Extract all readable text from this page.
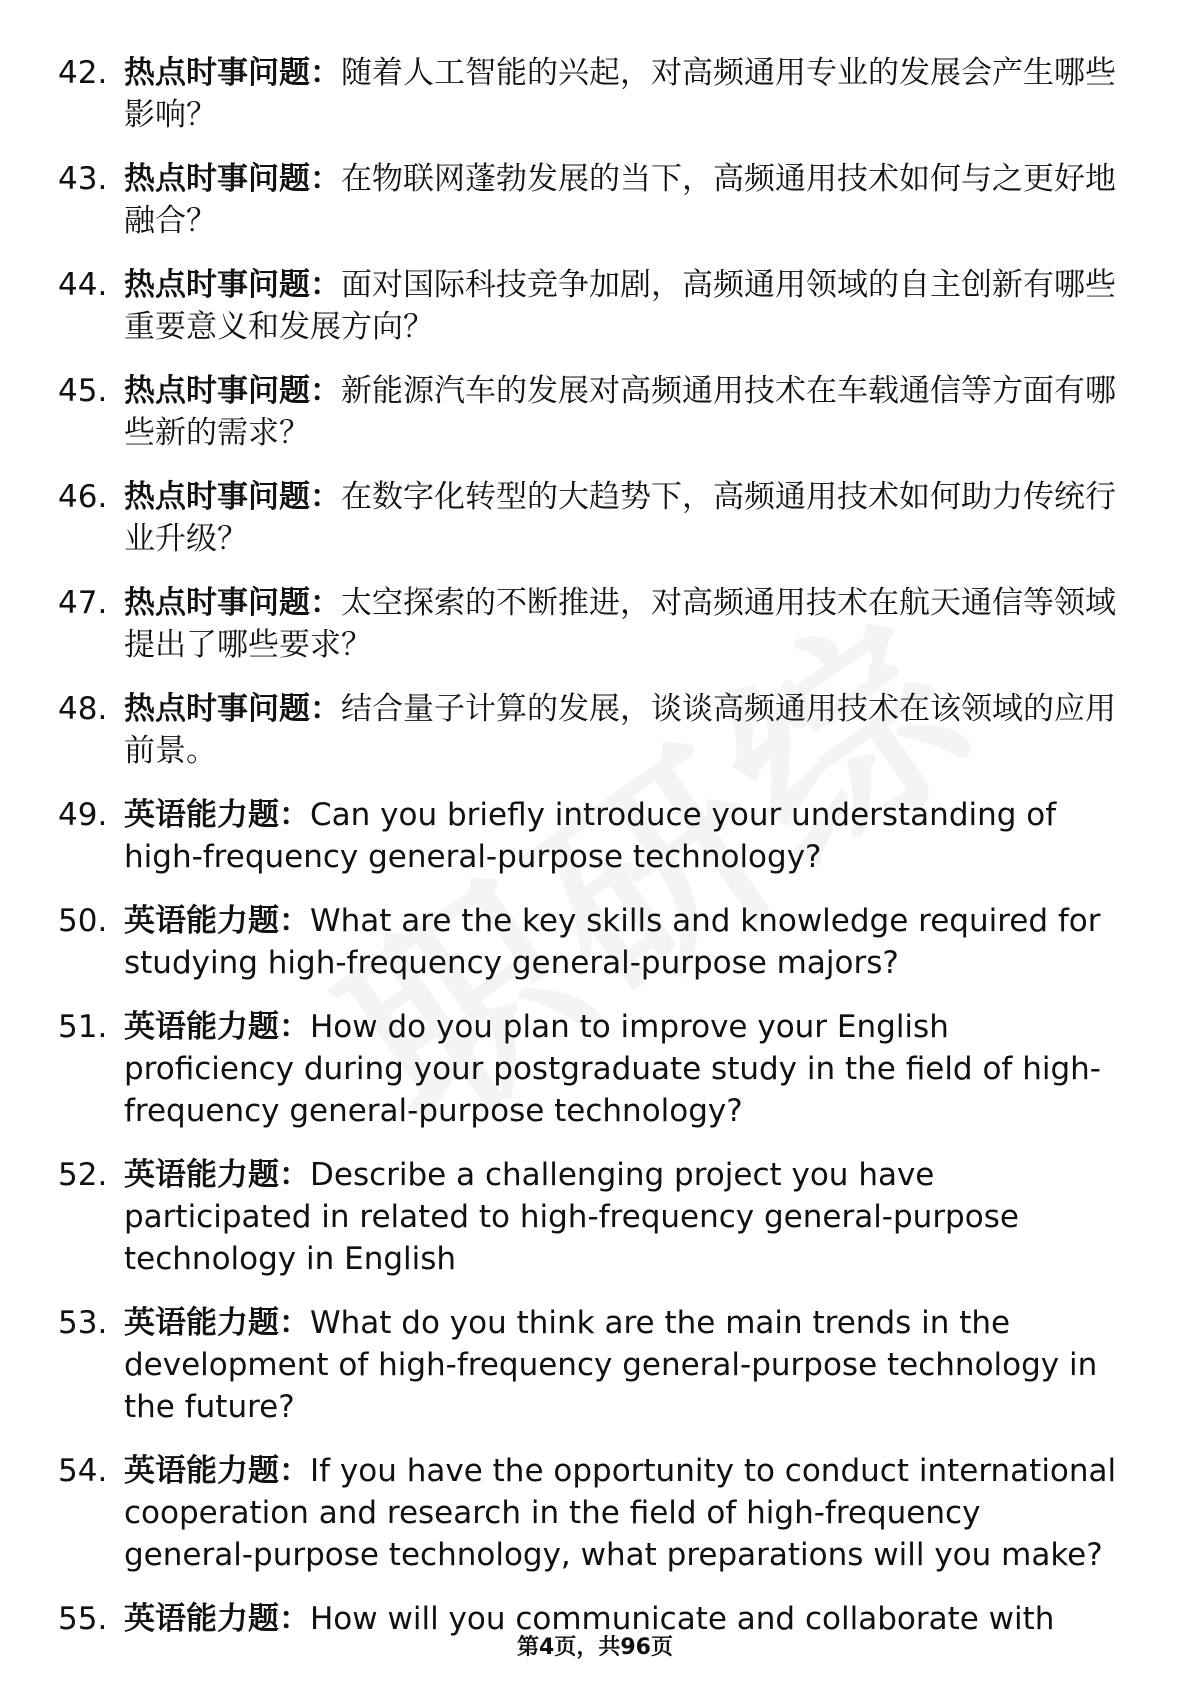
42. 热点时事问题：随着人工智能的兴起，对高频通用专业的发展会产生哪些影响？
43. 热点时事问题：在物联网蓬勃发展的当下，高频通用技术如何与之更好地融合？
44. 热点时事问题：面对国际科技竞争加剧，高频通用领域的自主创新有哪些重要意义和发展方向？
45. 热点时事问题：新能源汽车的发展对高频通用技术在车载通信等方面有哪些新的需求？
46. 热点时事问题：在数字化转型的大趋势下，高频通用技术如何助力传统行业升级？
47. 热点时事问题：太空探索的不断推进，对高频通用技术在航天通信等领域提出了哪些要求？
48. 热点时事问题：结合量子计算的发展，谈谈高频通用技术在该领域的应用前景。
49. 英语能力题：Can you briefly introduce your understanding of high-frequency general-purpose technology?
50. 英语能力题：What are the key skills and knowledge required for studying high-frequency general-purpose majors?
51. 英语能力题：How do you plan to improve your English proficiency during your postgraduate study in the field of high-frequency general-purpose technology?
52. 英语能力题：Describe a challenging project you have participated in related to high-frequency general-purpose technology in English
53. 英语能力题：What do you think are the main trends in the development of high-frequency general-purpose technology in the future?
54. 英语能力题：If you have the opportunity to conduct international cooperation and research in the field of high-frequency general-purpose technology, what preparations will you make?
55. 英语能力题：How will you communicate and collaborate with
第4页，共96页
